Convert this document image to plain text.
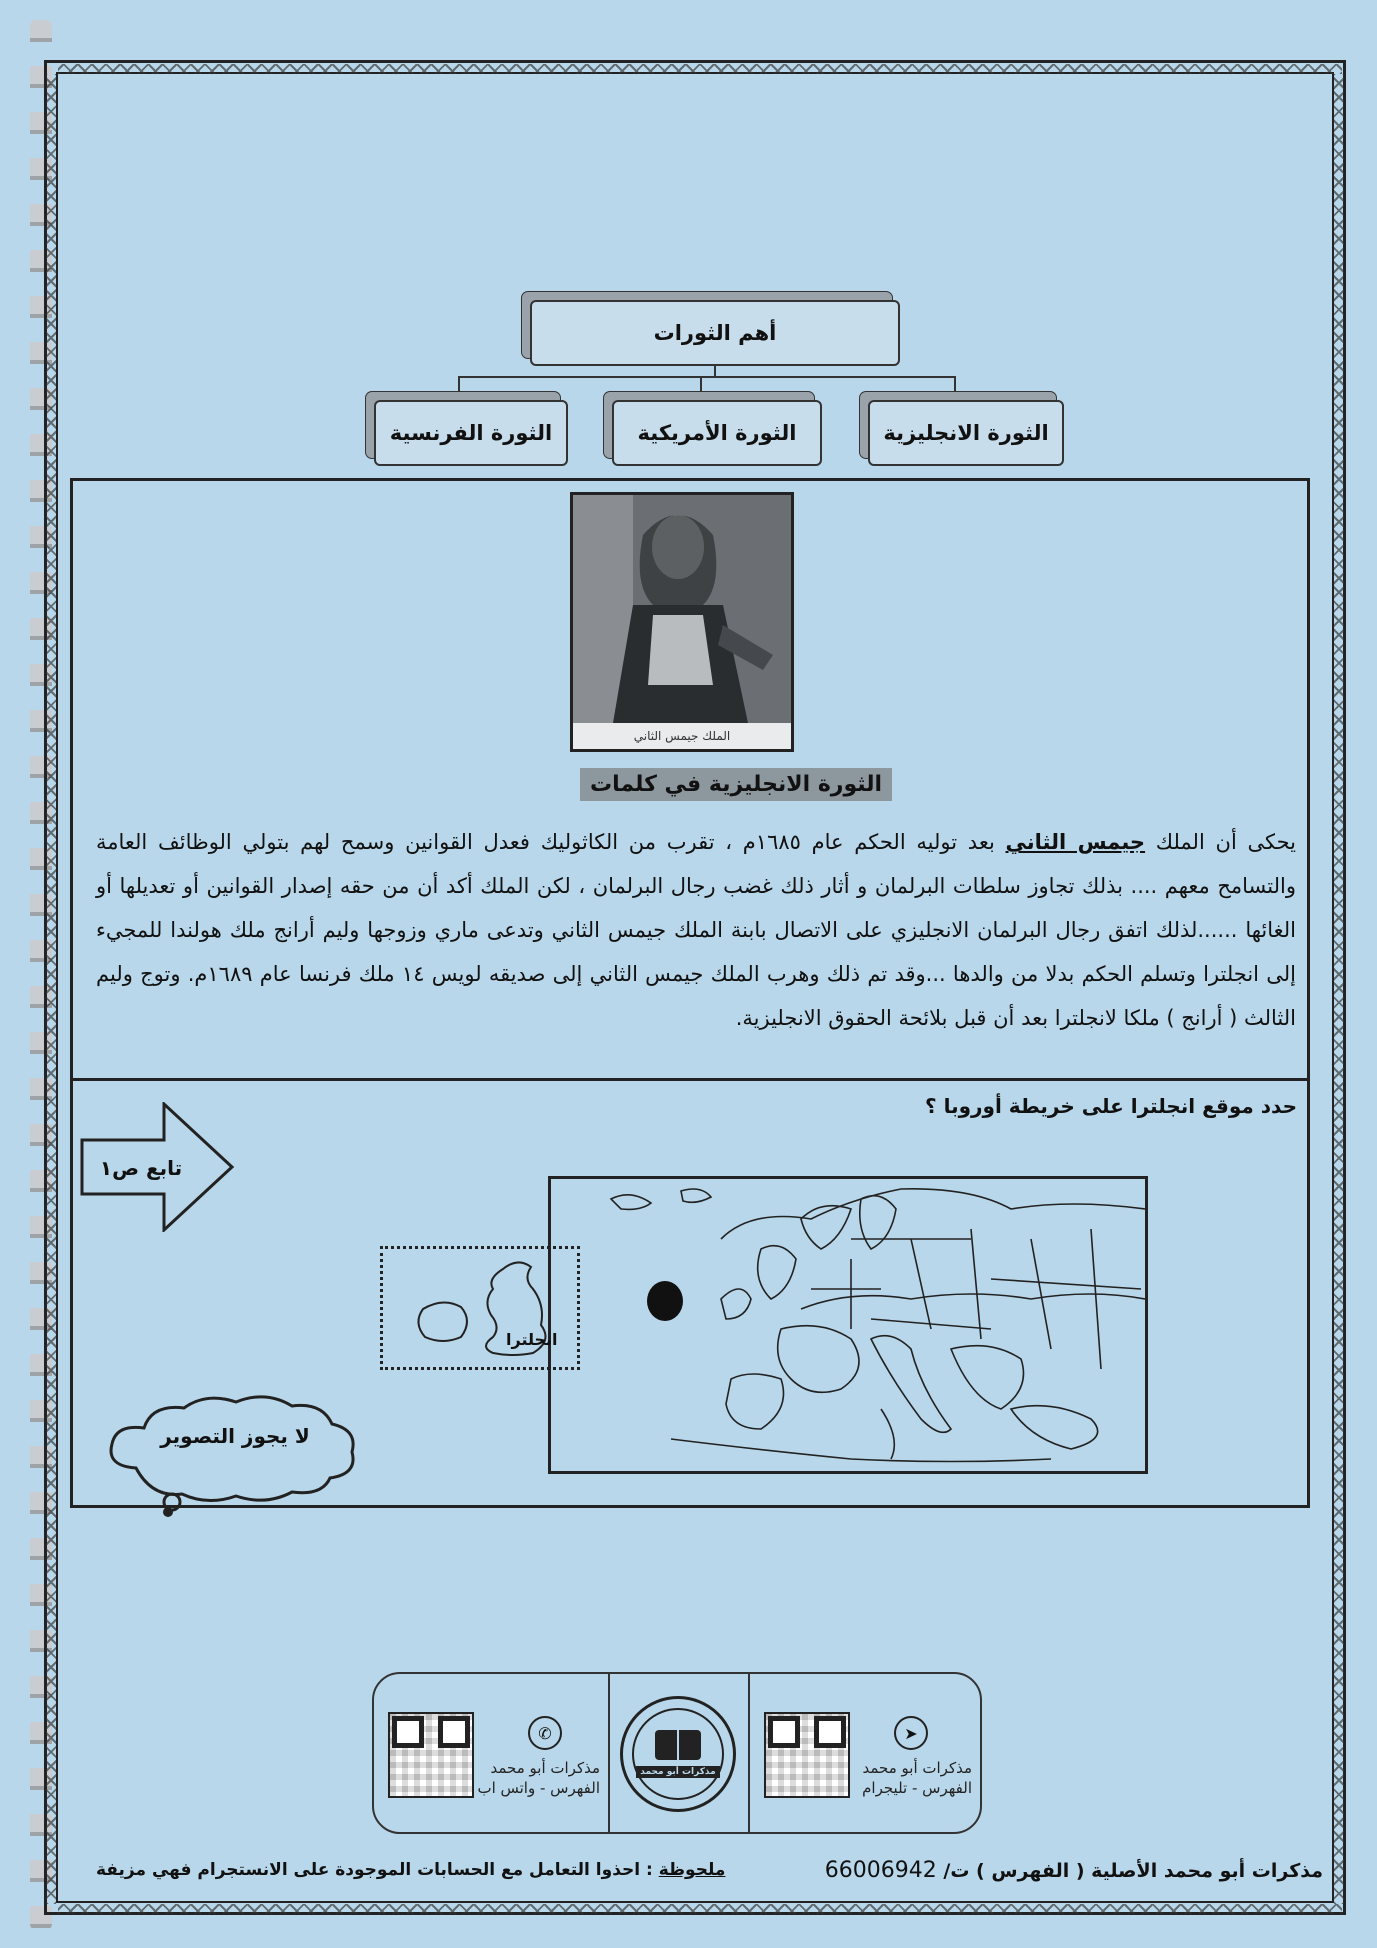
أهم الثورات
الثورة الانجليزية
الثورة الأمريكية
الثورة الفرنسية
الملك جيمس الثاني
الثورة الانجليزية في كلمات
يحكى أن الملك جيمس الثاني بعد توليه الحكم عام ١٦٨٥م ، تقرب من الكاثوليك فعدل القوانين وسمح لهم بتولي الوظائف العامة والتسامح معهم .... بذلك تجاوز سلطات البرلمان و أثار ذلك غضب رجال البرلمان ، لكن الملك أكد أن من حقه إصدار القوانين أو تعديلها أو الغائها ......لذلك اتفق رجال البرلمان الانجليزي على الاتصال بابنة الملك جيمس الثاني وتدعى ماري وزوجها وليم أرانج ملك هولندا للمجيء إلى انجلترا وتسلم الحكم بدلا من والدها ...وقد تم ذلك وهرب الملك جيمس الثاني إلى صديقه لويس ١٤ ملك فرنسا عام ١٦٨٩م. وتوج وليم الثالث ( أرانج ) ملكا لانجلترا بعد أن قبل بلائحة الحقوق الانجليزية.
حدد موقع انجلترا على خريطة أوروبا ؟
تابع ص١
انجلترا
لا يجوز التصوير
✆
مذكرات أبو محمد
الفهرس - واتس اب
مذكرات أبو محمد
➤
مذكرات أبو محمد
الفهرس - تليجرام
مذكرات أبو محمد الأصلية ( الفهرس ) ت/ 66006942
ملحوظة : احذوا التعامل مع الحسابات الموجودة على الانستجرام فهي مزيفة
